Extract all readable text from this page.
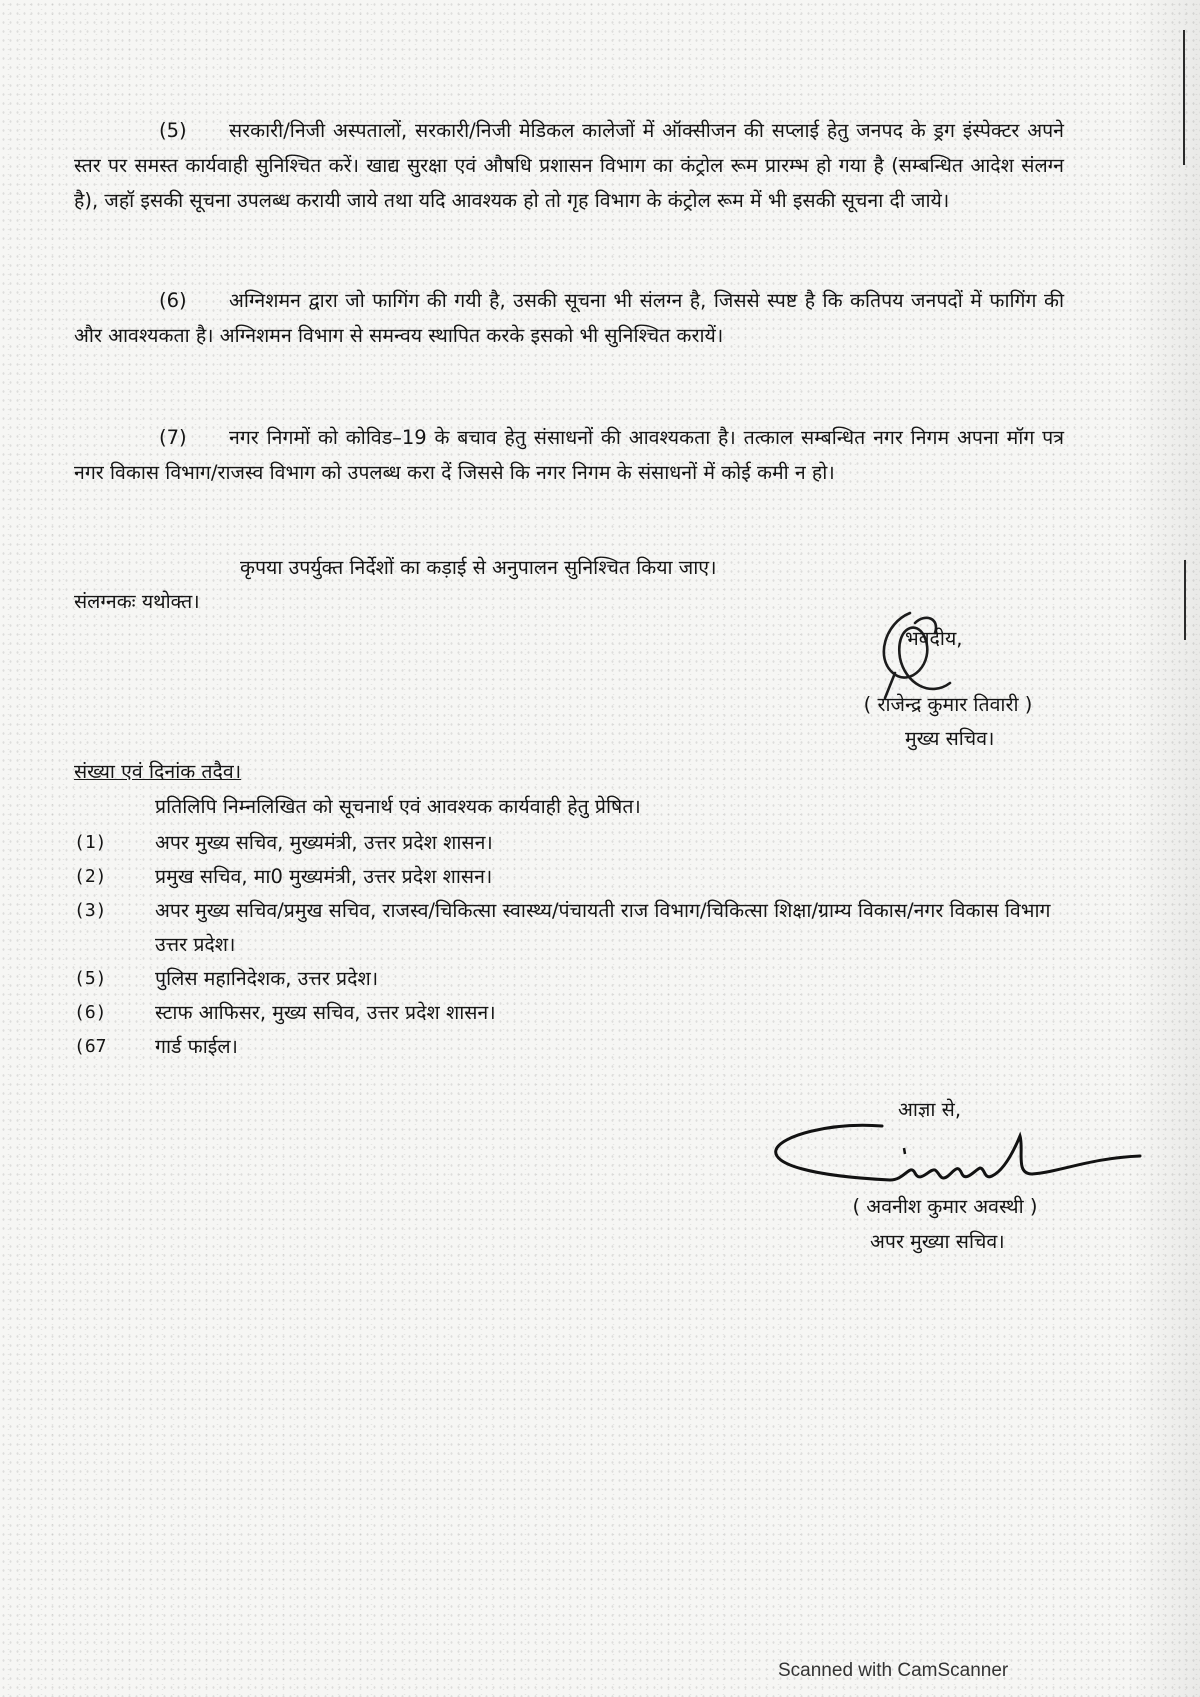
(5) सरकारी/निजी अस्पतालों, सरकारी/निजी मेडिकल कालेजों में ऑक्सीजन की सप्लाई हेतु जनपद के ड्रग इंस्पेक्टर अपने स्तर पर समस्त कार्यवाही सुनिश्चित करें। खाद्य सुरक्षा एवं औषधि प्रशासन विभाग का कंट्रोल रूम प्रारम्भ हो गया है (सम्बन्धित आदेश संलग्न है), जहॉ इसकी सूचना उपलब्ध करायी जाये तथा यदि आवश्यक हो तो गृह विभाग के कंट्रोल रूम में भी इसकी सूचना दी जाये।
(6) अग्निशमन द्वारा जो फागिंग की गयी है, उसकी सूचना भी संलग्न है, जिससे स्पष्ट है कि कतिपय जनपदों में फागिंग की और आवश्यकता है। अग्निशमन विभाग से समन्वय स्थापित करके इसको भी सुनिश्चित करायें।
(7) नगर निगमों को कोविड–19 के बचाव हेतु संसाधनों की आवश्यकता है। तत्काल सम्बन्धित नगर निगम अपना मॉग पत्र नगर विकास विभाग/राजस्व विभाग को उपलब्ध करा दें जिससे कि नगर निगम के संसाधनों में कोई कमी न हो।
कृपया उपर्युक्त निर्देशों का कड़ाई से अनुपालन सुनिश्चित किया जाए।
संलग्नकः यथोक्त।
भवदीय,
( राजेन्द्र कुमार तिवारी )
मुख्य सचिव।
संख्या एवं दिनांक तदैव।
प्रतिलिपि निम्नलिखित को सूचनार्थ एवं आवश्यक कार्यवाही हेतु प्रेषित।
(1)	अपर मुख्य सचिव, मुख्यमंत्री, उत्तर प्रदेश शासन।
(2)	प्रमुख सचिव, मा0 मुख्यमंत्री, उत्तर प्रदेश शासन।
(3)	अपर मुख्य सचिव/प्रमुख सचिव, राजस्व/चिकित्सा स्वास्थ्य/पंचायती राज विभाग/चिकित्सा शिक्षा/ग्राम्य विकास/नगर विकास विभाग उत्तर प्रदेश।
(5)	पुलिस महानिदेशक, उत्तर प्रदेश।
(6)	स्टाफ आफिसर, मुख्य सचिव, उत्तर प्रदेश शासन।
(67	गार्ड फाईल।
आज्ञा से,
( अवनीश कुमार अवस्थी )
अपर मुख्या सचिव।
Scanned with CamScanner
